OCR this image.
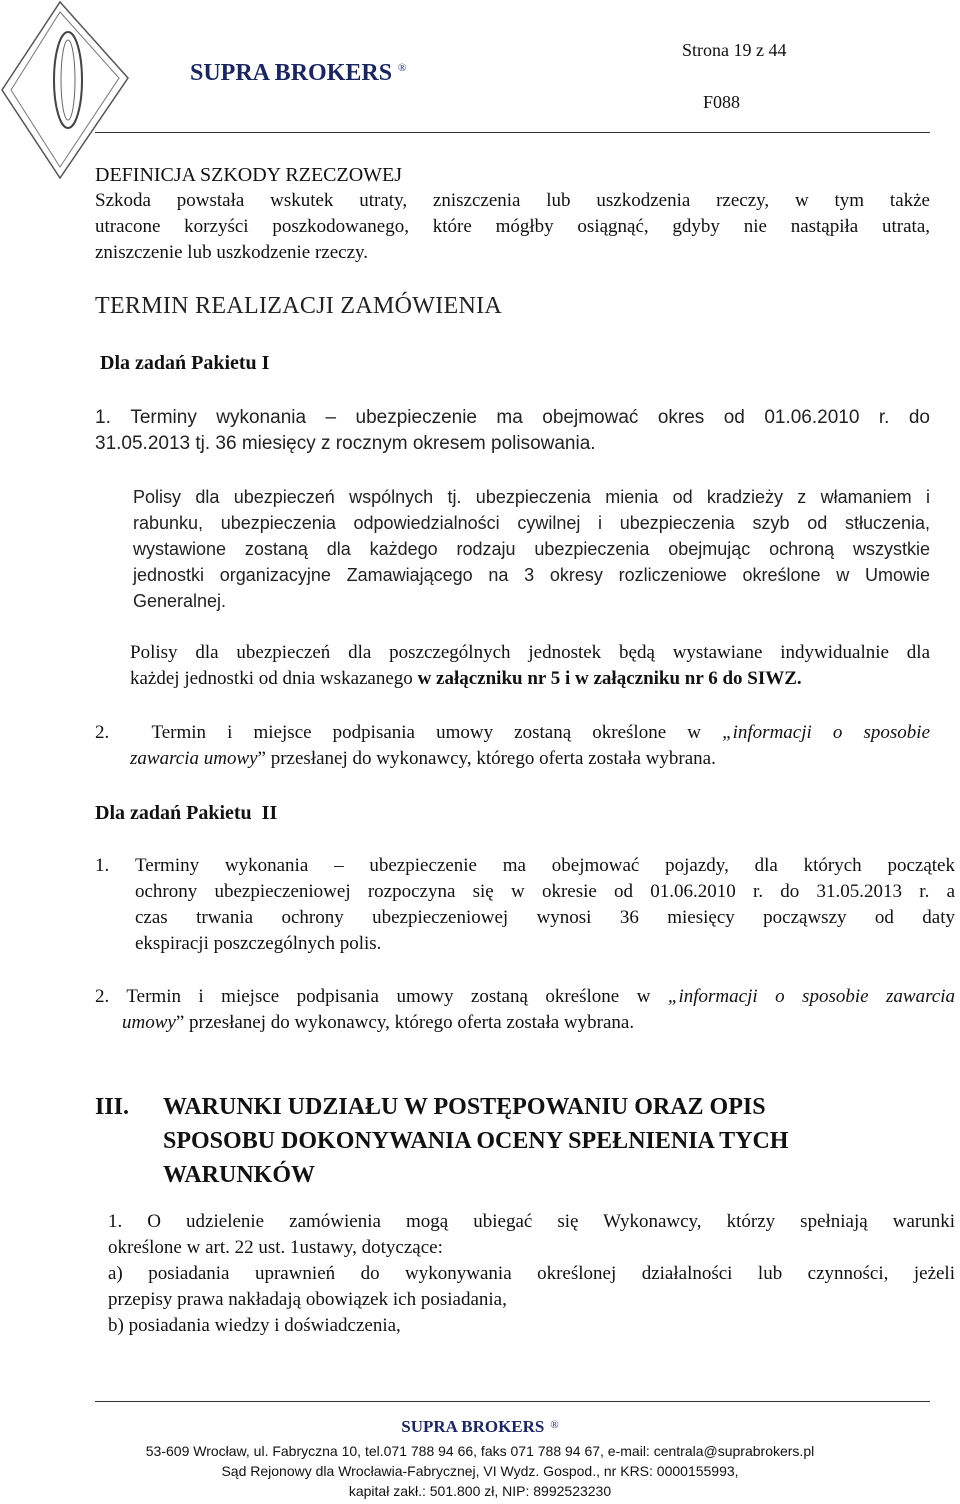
SUPRA BROKERS ®
Strona 19 z 44
F088
DEFINICJA SZKODY RZECZOWEJ
Szkoda powstała wskutek utraty, zniszczenia lub uszkodzenia rzeczy, w tym także
utracone korzyści poszkodowanego, które mógłby osiągnąć, gdyby nie nastąpiła utrata,
zniszczenie lub uszkodzenie rzeczy.
TERMIN REALIZACJI ZAMÓWIENIA
Dla zadań Pakietu I
1. Terminy wykonania – ubezpieczenie ma obejmować okres od 01.06.2010 r. do
31.05.2013 tj. 36 miesięcy z rocznym okresem polisowania.
Polisy dla ubezpieczeń wspólnych tj. ubezpieczenia mienia od kradzieży z włamaniem i
rabunku, ubezpieczenia odpowiedzialności cywilnej i ubezpieczenia szyb od stłuczenia,
wystawione zostaną dla każdego rodzaju ubezpieczenia obejmując ochroną wszystkie
jednostki organizacyjne Zamawiającego na 3 okresy rozliczeniowe określone w Umowie
Generalnej.
Polisy dla ubezpieczeń dla poszczególnych jednostek będą wystawiane indywidualnie dla
każdej jednostki od dnia wskazanego w załączniku nr 5 i w załączniku nr 6 do SIWZ.
2. Termin i miejsce podpisania umowy zostaną określone w „informacji o sposobie
zawarcia umowy” przesłanej do wykonawcy, którego oferta została wybrana.
Dla zadań Pakietu  II
1.	Terminy wykonania – ubezpieczenie ma obejmować pojazdy, dla których początek
ochrony ubezpieczeniowej rozpoczyna się w okresie od 01.06.2010 r. do 31.05.2013 r. a
czas trwania ochrony ubezpieczeniowej wynosi 36 miesięcy począwszy od daty
ekspiracji poszczególnych polis.
2. Termin i miejsce podpisania umowy zostaną określone w „informacji o sposobie zawarcia
umowy” przesłanej do wykonawcy, którego oferta została wybrana.
III. WARUNKI UDZIAŁU W POSTĘPOWANIU ORAZ OPIS
SPOSOBU DOKONYWANIA OCENY SPEŁNIENIA TYCH
WARUNKÓW
1. O udzielenie zamówienia mogą ubiegać się Wykonawcy, którzy spełniają warunki
określone w art. 22 ust. 1ustawy, dotyczące:
a) posiadania uprawnień do wykonywania określonej działalności lub czynności, jeżeli
przepisy prawa nakładają obowiązek ich posiadania,
b) posiadania wiedzy i doświadczenia,
SUPRA BROKERS ®
53-609 Wrocław, ul. Fabryczna 10, tel.071 788 94 66, faks 071 788 94 67, e-mail: centrala@suprabrokers.pl
Sąd Rejonowy dla Wrocławia-Fabrycznej, VI Wydz. Gospod., nr KRS: 0000155993,
kapitał zakł.: 501.800 zł, NIP: 8992523230
